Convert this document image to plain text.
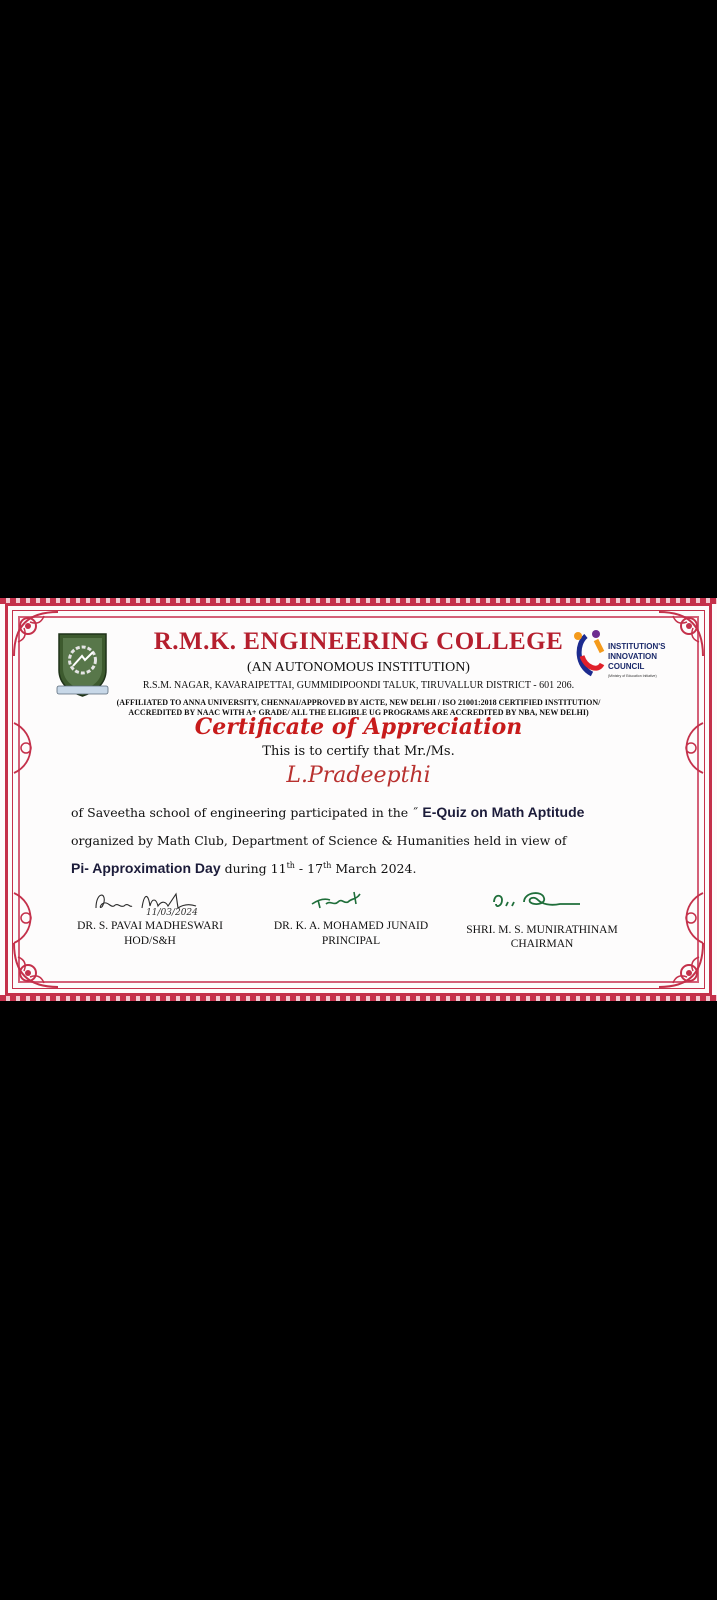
INSTITUTION'S
INNOVATION
COUNCIL
(Ministry of Education Initiative)
R.M.K. ENGINEERING COLLEGE
(AN AUTONOMOUS INSTITUTION)
R.S.M. NAGAR, KAVARAIPETTAI, GUMMIDIPOONDI TALUK, TIRUVALLUR DISTRICT - 601 206.
(AFFILIATED TO ANNA UNIVERSITY, CHENNAI/APPROVED BY AICTE, NEW DELHI / ISO 21001:2018 CERTIFIED INSTITUTION/
ACCREDITED BY NAAC WITH A+ GRADE/ ALL THE ELIGIBLE UG PROGRAMS ARE ACCREDITED BY NBA, NEW DELHI)
Certificate of Appreciation
This is to certify that Mr./Ms.
L.Pradeepthi
of Saveetha school of engineering participated in the ˝ E-Quiz on Math Aptitude
organized by Math Club, Department of Science & Humanities held in view of
Pi- Approximation Day during 11th - 17th March 2024.
11/03/2024
DR. S. PAVAI MADHESWARI
HOD/S&H
DR. K. A. MOHAMED JUNAID
PRINCIPAL
SHRI. M. S. MUNIRATHINAM
CHAIRMAN
